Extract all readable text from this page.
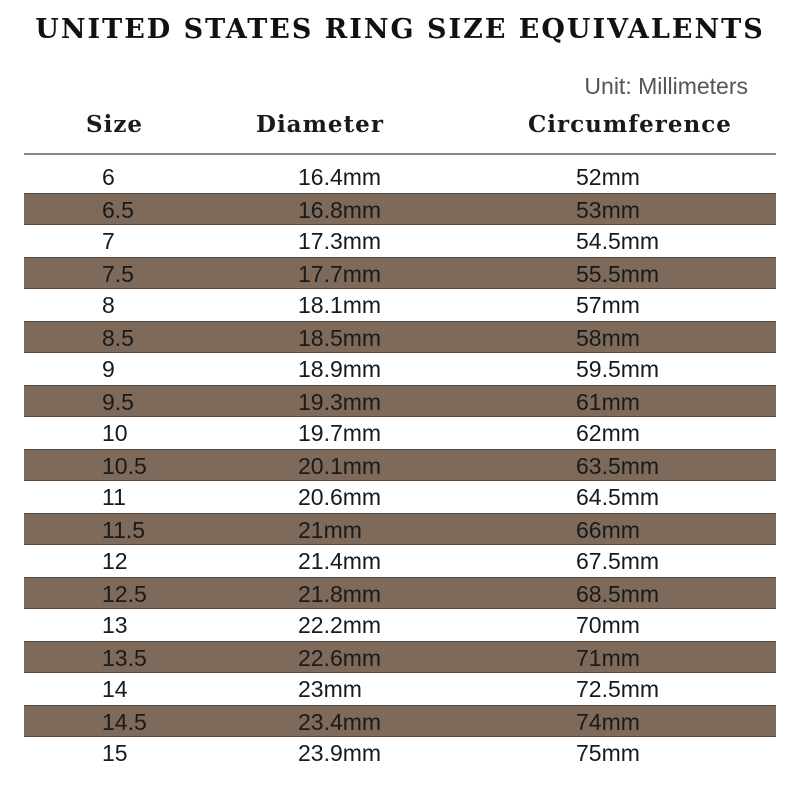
UNITED STATES RING SIZE EQUIVALENTS
Unit: Millimeters
Size	Diameter	Circumference
6	16.4mm	52mm
6.5	16.8mm	53mm
7	17.3mm	54.5mm
7.5	17.7mm	55.5mm
8	18.1mm	57mm
8.5	18.5mm	58mm
9	18.9mm	59.5mm
9.5	19.3mm	61mm
10	19.7mm	62mm
10.5	20.1mm	63.5mm
11	20.6mm	64.5mm
11.5	21mm	66mm
12	21.4mm	67.5mm
12.5	21.8mm	68.5mm
13	22.2mm	70mm
13.5	22.6mm	71mm
14	23mm	72.5mm
14.5	23.4mm	74mm
15	23.9mm	75mm
